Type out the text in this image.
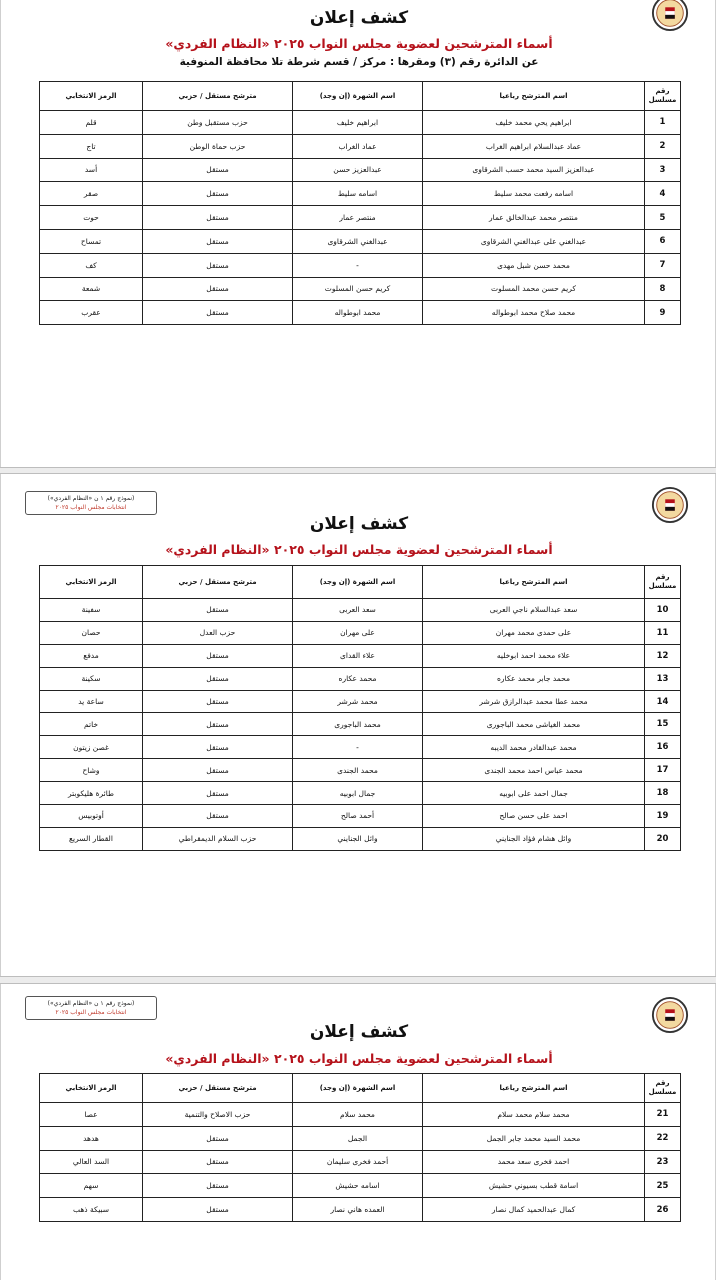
كشف إعلان
أسماء المترشحين لعضوية مجلس النواب ٢٠٢٥ «النظام الفردي»
عن الدائرة رقم (٣) ومقرها : مركز / قسم شرطة تلا محافظة المنوفية
رقم مسلسل	اسم المترشح رباعيا	اسم الشهرة (إن وجد)	مترشح مستقل / حزبي	الرمز الانتخابي
1	ابراهيم يحي محمد خليف	ابراهيم خليف	حزب مستقبل وطن	قلم
2	عماد عبدالسلام ابراهيم الغراب	عماد الغراب	حزب حماة الوطن	تاج
3	عبدالعزيز السيد محمد حسب الشرقاوى	عبدالعزيز حسن	مستقل	أسد
4	اسامه رفعت محمد سليط	اسامه سليط	مستقل	صقر
5	منتصر محمد عبدالخالق عمار	منتصر عمار	مستقل	حوت
6	عبدالغني على عبدالغني الشرقاوى	عبدالغني الشرقاوى	مستقل	تمساح
7	محمد حسن شبل مهدى	-	مستقل	كف
8	كريم حسن محمد المسلوت	كريم حسن المسلوت	مستقل	شمعة
9	محمد صلاح محمد ابوطواله	محمد ابوطواله	مستقل	عقرب
(نموذج رقم ١ ن «النظام الفردي»)
انتخابات مجلس النواب ٢٠٢٥
كشف إعلان
أسماء المترشحين لعضوية مجلس النواب ٢٠٢٥ «النظام الفردي»
رقم مسلسل	اسم المترشح رباعيا	اسم الشهرة (إن وجد)	مترشح مستقل / حزبي	الرمز الانتخابي
10	سعد عبدالسلام ناجي العربى	سعد العربى	مستقل	سفينة
11	على حمدى محمد مهران	على مهران	حزب العدل	حصان
12	علاء محمد احمد ابوخليه	علاء القداى	مستقل	مدفع
13	محمد جابر محمد عكاره	محمد عكاره	مستقل	سكينة
14	محمد عطا محمد عبدالرازق شرشر	محمد شرشر	مستقل	ساعة يد
15	محمد الغياشى محمد الباجورى	محمد الباجورى	مستقل	خاتم
16	محمد عبدالقادر محمد الديبه	-	مستقل	غصن زيتون
17	محمد عباس احمد محمد الجندى	محمد الجندى	مستقل	وشاح
18	جمال احمد على ابوبيه	جمال ابوبيه	مستقل	طائرة هليكوبتر
19	احمد على حسن صالح	أحمد صالح	مستقل	أوتوبيس
20	وائل هشام فؤاد الجنايني	وائل الجنايني	حزب السلام الديمقراطي	القطار السريع
(نموذج رقم ١ ن «النظام الفردي»)
انتخابات مجلس النواب ٢٠٢٥
كشف إعلان
أسماء المترشحين لعضوية مجلس النواب ٢٠٢٥ «النظام الفردي»
رقم مسلسل	اسم المترشح رباعيا	اسم الشهرة (إن وجد)	مترشح مستقل / حزبي	الرمز الانتخابي
21	محمد سلام محمد سلام	محمد سلام	حزب الاصلاح والتنمية	عصا
22	محمد السيد محمد جابر الجمل	الجمل	مستقل	هدهد
23	احمد فخرى سعد محمد	أحمد فخرى سليمان	مستقل	السد العالي
25	اسامة قطب بسيوني حشيش	اسامه حشيش	مستقل	سهم
26	كمال عبدالحميد كمال نصار	العمده هاني نصار	مستقل	سبيكة ذهب
